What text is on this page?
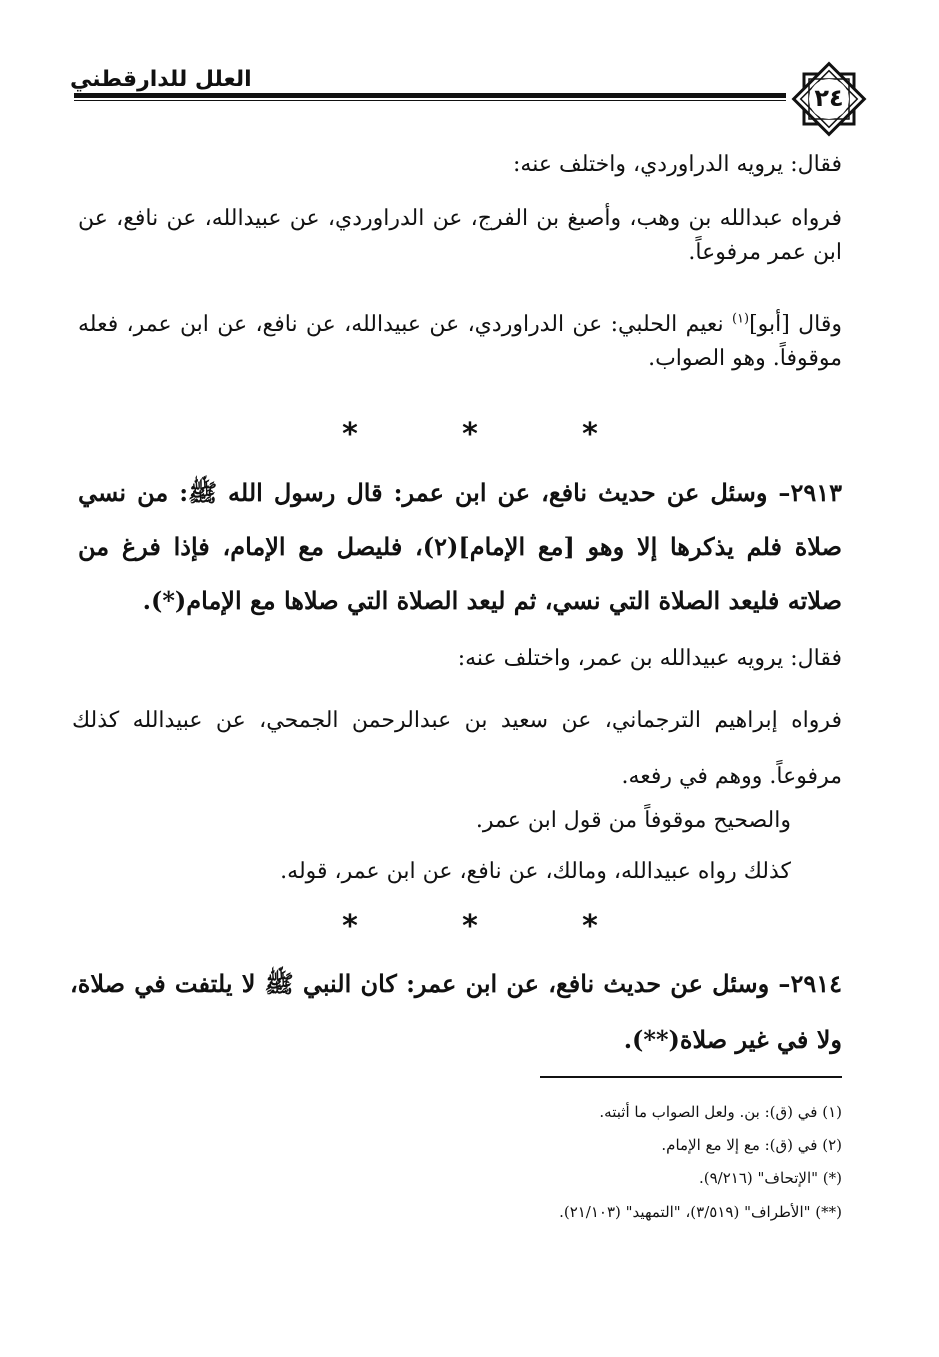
العلل للدارقطني
٢٤
فقال: يرويه الدراوردي، واختلف عنه:
فرواه عبدالله بن وهب، وأصبغ بن الفرج، عن الدراوردي، عن عبيدالله، عن نافع، عن ابن عمر مرفوعاً.
وقال [أبو]$^{(١)}$ نعيم الحلبي: عن الدراوردي، عن عبيدالله، عن نافع، عن ابن عمر، فعله موقوفاً. وهو الصواب.
*	*	*
٢٩١٣– وسئل عن حديث نافع، عن ابن عمر: قال رسول الله ﷺ: من نسي صلاة فلم يذكرها إلا وهو [مع الإمام](٢)، فليصل مع الإمام، فإذا فرغ من صلاته فليعد الصلاة التي نسي، ثم ليعد الصلاة التي صلاها مع الإمام(*).
فقال: يرويه عبيدالله بن عمر، واختلف عنه:
فرواه إبراهيم الترجماني، عن سعيد بن عبدالرحمن الجمحي، عن عبيدالله كذلك مرفوعاً. ووهم في رفعه.
والصحيح موقوفاً من قول ابن عمر.
كذلك رواه عبيدالله، ومالك، عن نافع، عن ابن عمر، قوله.
*	*	*
٢٩١٤– وسئل عن حديث نافع، عن ابن عمر: كان النبي ﷺ لا يلتفت في صلاة، ولا في غير صلاة(**).
(١) في (ق): بن. ولعل الصواب ما أثبته.
(٢) في (ق): مع إلا مع الإمام.
(*) "الإتحاف" (٩/٢١٦).
(**) "الأطراف" (٣/٥١٩)، "التمهيد" (٢١/١٠٣).
